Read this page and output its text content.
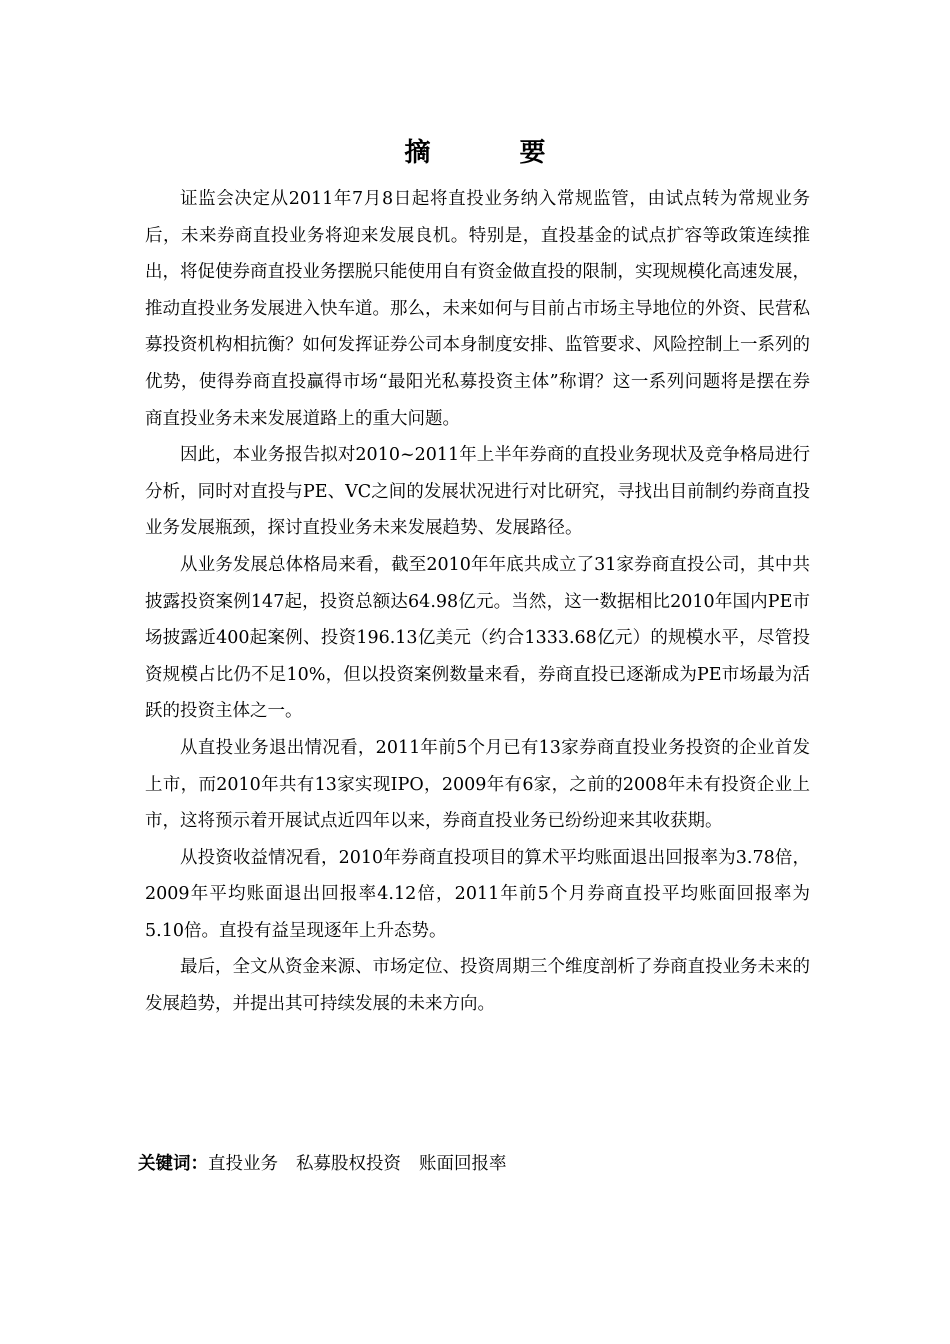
摘 要

证监会决定从2011年7月8日起将直投业务纳入常规监管，由试点转为常规业务后，未来券商直投业务将迎来发展良机。特别是，直投基金的试点扩容等政策连续推出，将促使券商直投业务摆脱只能使用自有资金做直投的限制，实现规模化高速发展，推动直投业务发展进入快车道。那么，未来如何与目前占市场主导地位的外资、民营私募投资机构相抗衡？如何发挥证券公司本身制度安排、监管要求、风险控制上一系列的优势，使得券商直投赢得市场“最阳光私募投资主体”称谓？这一系列问题将是摆在券商直投业务未来发展道路上的重大问题。

因此，本业务报告拟对2010~2011年上半年券商的直投业务现状及竞争格局进行分析，同时对直投与PE、VC之间的发展状况进行对比研究，寻找出目前制约券商直投业务发展瓶颈，探讨直投业务未来发展趋势、发展路径。

从业务发展总体格局来看，截至2010年年底共成立了31家券商直投公司，其中共披露投资案例147起，投资总额达64.98亿元。当然，这一数据相比2010年国内PE市场披露近400起案例、投资196.13亿美元（约合1333.68亿元）的规模水平，尽管投资规模占比仍不足10%，但以投资案例数量来看，券商直投已逐渐成为PE市场最为活跃的投资主体之一。

从直投业务退出情况看，2011年前5个月已有13家券商直投业务投资的企业首发上市，而2010年共有13家实现IPO，2009年有6家，之前的2008年未有投资企业上市，这将预示着开展试点近四年以来，券商直投业务已纷纷迎来其收获期。

从投资收益情况看，2010年券商直投项目的算术平均账面退出回报率为3.78倍，2009年平均账面退出回报率4.12倍，2011年前5个月券商直投平均账面回报率为5.10倍。直投有益呈现逐年上升态势。

最后，全文从资金来源、市场定位、投资周期三个维度剖析了券商直投业务未来的发展趋势，并提出其可持续发展的未来方向。

关键词：直投业务 私募股权投资 账面回报率
